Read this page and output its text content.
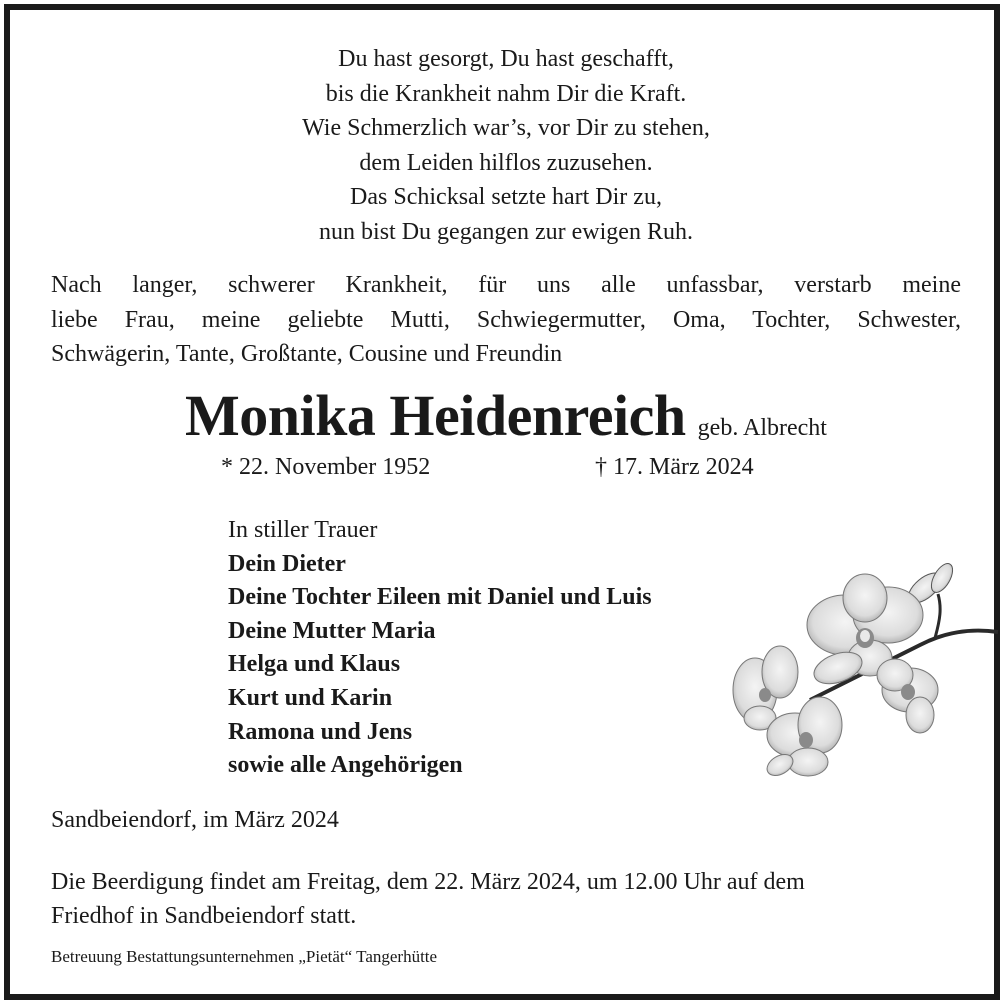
Du hast gesorgt, Du hast geschafft,
bis die Krankheit nahm Dir die Kraft.
Wie Schmerzlich war’s, vor Dir zu stehen,
dem Leiden hilflos zuzusehen.
Das Schicksal setzte hart Dir zu,
nun bist Du gegangen zur ewigen Ruh.
Nach langer, schwerer Krankheit, für uns alle unfassbar, verstarb meine
liebe Frau, meine geliebte Mutti, Schwiegermutter, Oma, Tochter, Schwester,
Schwägerin, Tante, Großtante, Cousine und Freundin
Monika Heidenreich geb. Albrecht
* 22. November 1952	† 17. März 2024
In stiller Trauer
Dein Dieter
Deine Tochter Eileen mit Daniel und Luis
Deine Mutter Maria
Helga und Klaus
Kurt und Karin
Ramona und Jens
sowie alle Angehörigen
Sandbeiendorf, im März 2024
Die Beerdigung findet am Freitag, dem 22. März 2024, um 12.00 Uhr auf dem
Friedhof in Sandbeiendorf statt.
Betreuung Bestattungsunternehmen „Pietät“ Tangerhütte
